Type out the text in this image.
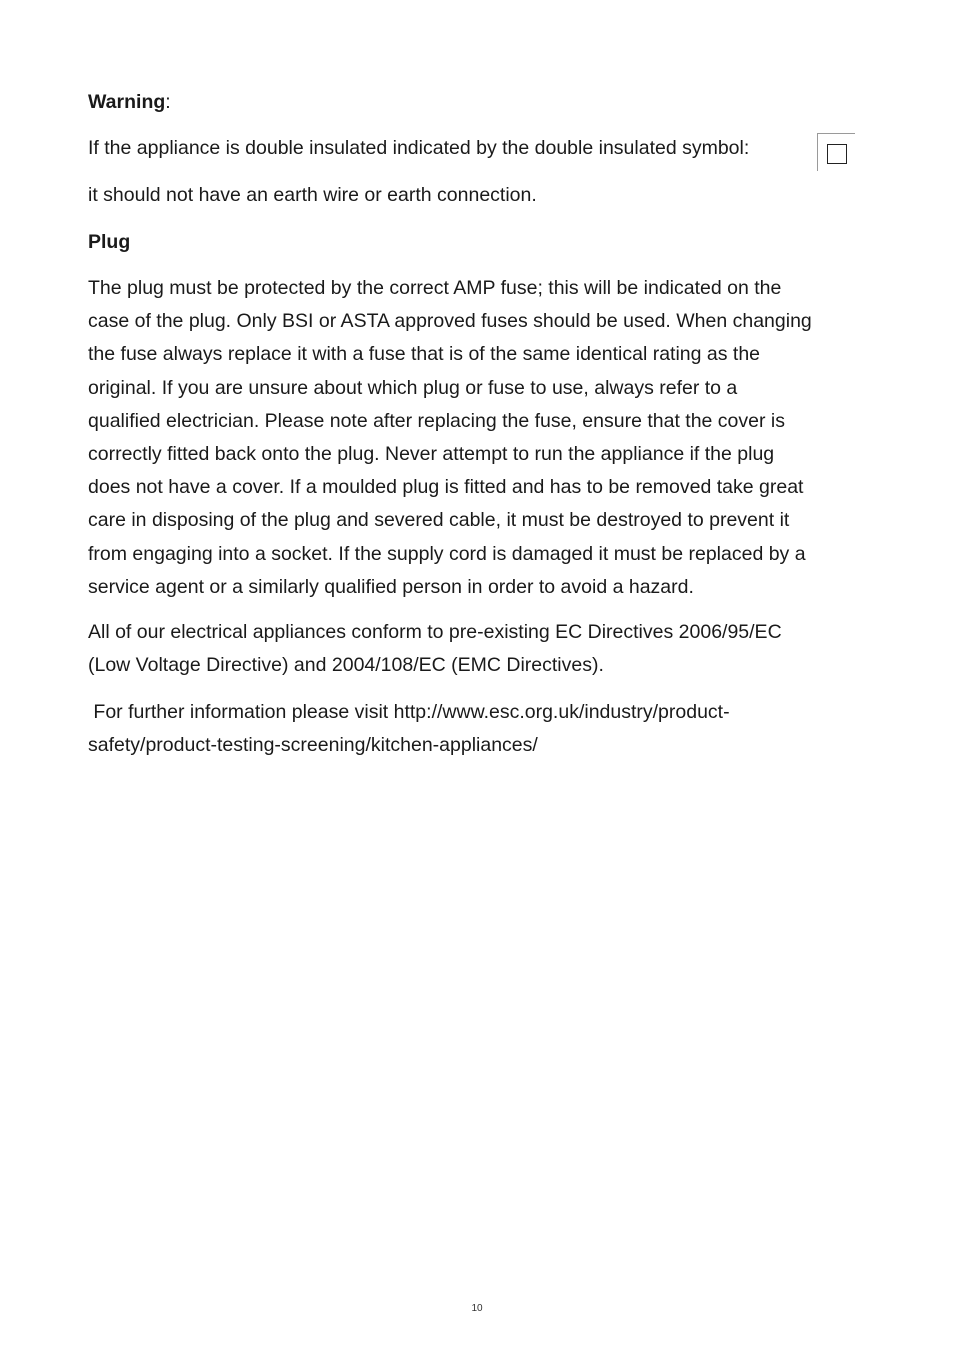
Warning:
If the appliance is double insulated indicated by the double insulated symbol:
it should not have an earth wire or earth connection.
Plug
The plug must be protected by the correct AMP fuse; this will be indicated on the
case of the plug. Only BSI or ASTA approved fuses should be used. When changing
the fuse always replace it with a fuse that is of the same identical rating as the
original. If you are unsure about which plug or fuse to use, always refer to a
qualified electrician. Please note after replacing the fuse, ensure that the cover is
correctly fitted back onto the plug. Never attempt to run the appliance if the plug
does not have a cover. If a moulded plug is fitted and has to be removed take great
care in disposing of the plug and severed cable, it must be destroyed to prevent it
from engaging into a socket. If the supply cord is damaged it must be replaced by a
service agent or a similarly qualified person in order to avoid a hazard.
All of our electrical appliances conform to pre-existing EC Directives 2006/95/EC
(Low Voltage Directive) and 2004/108/EC (EMC Directives).
For further information please visit http://www.esc.org.uk/industry/product-
safety/product-testing-screening/kitchen-appliances/
10
